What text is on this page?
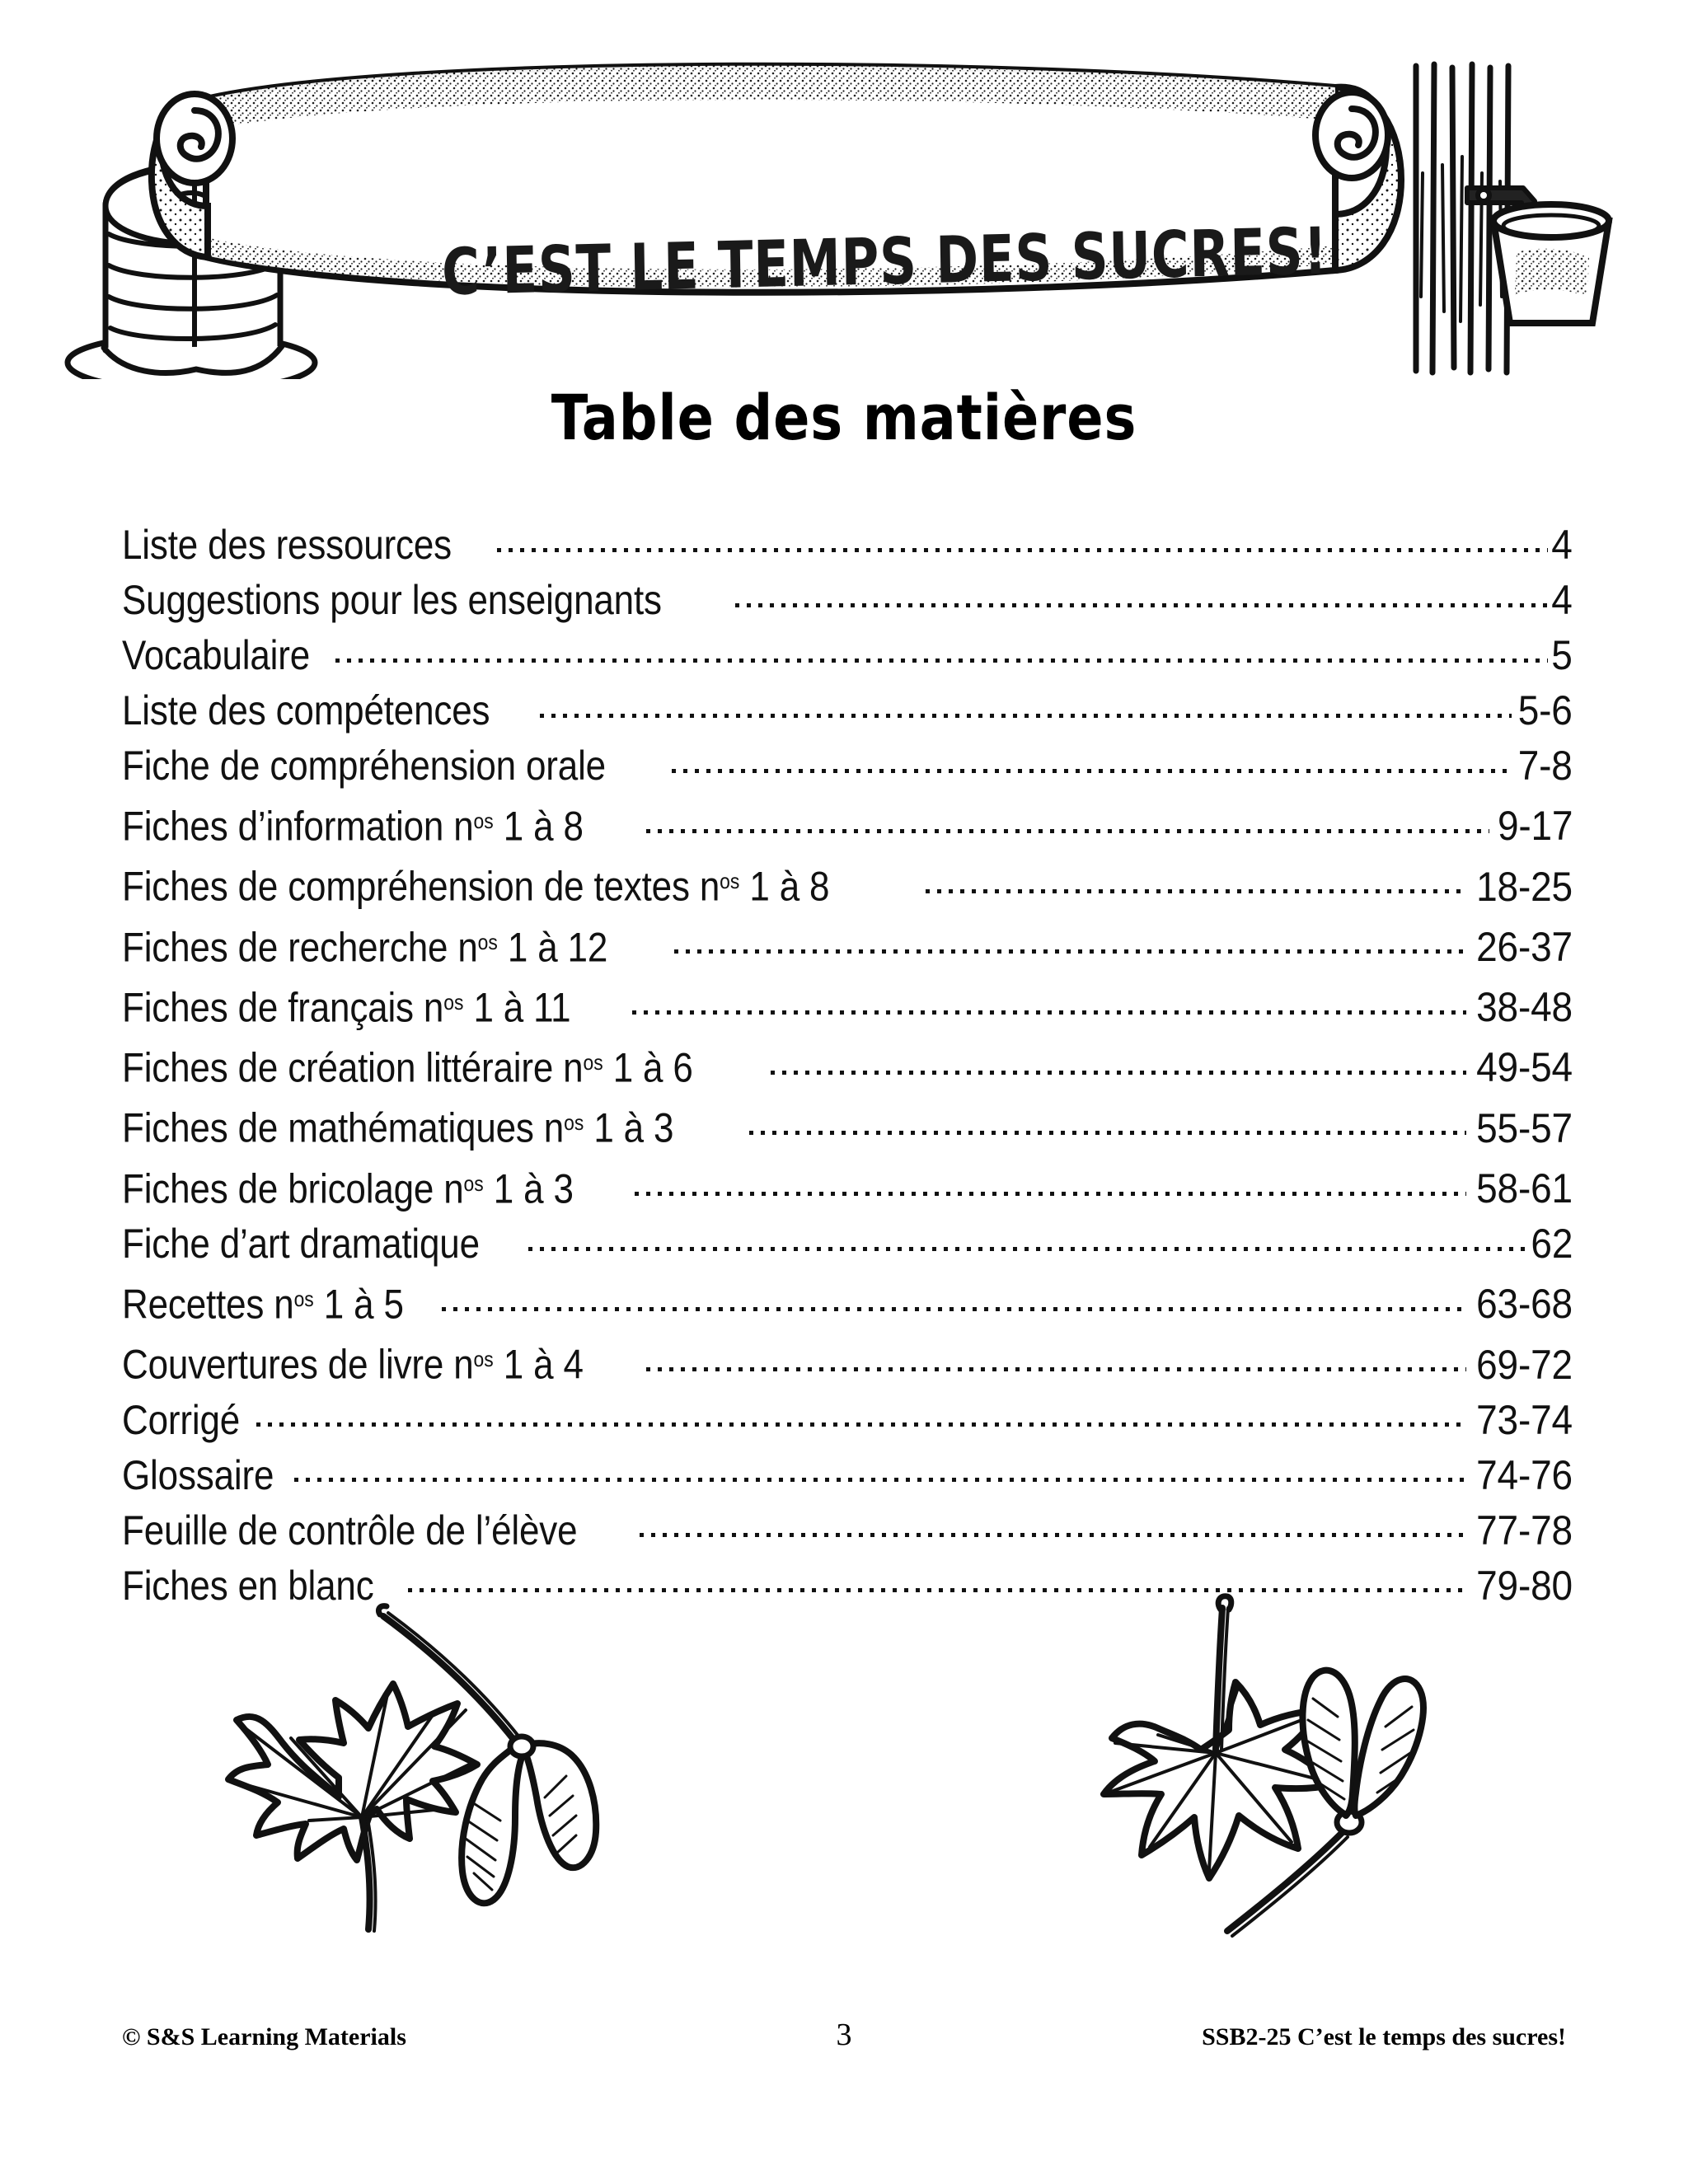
C’EST LE TEMPS DES SUCRES!
Table des matières
Liste des ressources	4
Suggestions pour les enseignants	4
Vocabulaire	5
Liste des compétences	5-6
Fiche de compréhension orale	7-8
Fiches d’information $n^{os}$ 1 à 8	9-17
Fiches de compréhension de textes $n^{os}$ 1 à 8	18-25
Fiches de recherche $n^{os}$ 1 à 12	26-37
Fiches de français $n^{os}$ 1 à 11	38-48
Fiches de création littéraire $n^{os}$ 1 à 6	49-54
Fiches de mathématiques $n^{os}$ 1 à 3	55-57
Fiches de bricolage $n^{os}$ 1 à 3	58-61
Fiche d’art dramatique	62
Recettes $n^{os}$ 1 à 5	63-68
Couvertures de livre $n^{os}$ 1 à 4	69-72
Corrigé	73-74
Glossaire	74-76
Feuille de contrôle de l’élève	77-78
Fiches en blanc	79-80
© S&S Learning Materials	3	SSB2-25 C’est le temps des sucres!
